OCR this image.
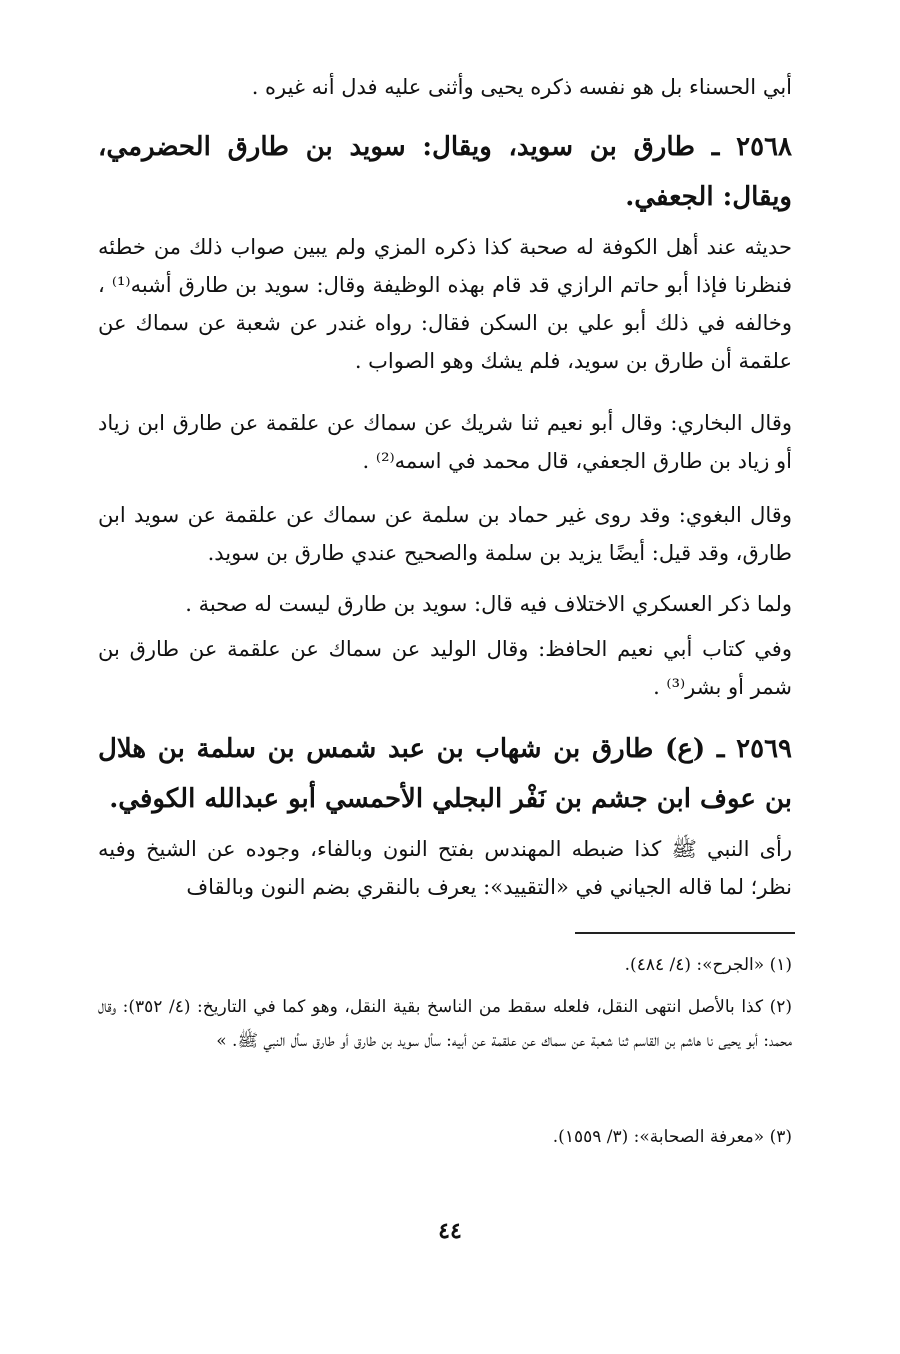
أبي الحسناء بل هو نفسه ذكره يحيى وأثنى عليه فدل أنه غيره .

٢٥٦٨ ـ طارق بن سويد، ويقال: سويد بن طارق الحضرمي، ويقال: الجعفي.

حديثه عند أهل الكوفة له صحبة كذا ذكره المزي ولم يبين صواب ذلك من خطئه فنظرنا فإذا أبو حاتم الرازي قد قام بهذه الوظيفة وقال: سويد بن طارق أشبه⁽¹⁾ ، وخالفه في ذلك أبو علي بن السكن فقال: رواه غندر عن شعبة عن سماك عن علقمة أن طارق بن سويد، فلم يشك وهو الصواب .

وقال البخاري: وقال أبو نعيم ثنا شريك عن سماك عن علقمة عن طارق ابن زياد أو زياد بن طارق الجعفي، قال محمد في اسمه⁽²⁾ .

وقال البغوي: وقد روى غير حماد بن سلمة عن سماك عن علقمة عن سويد ابن طارق، وقد قيل: أيضًا يزيد بن سلمة والصحيح عندي طارق بن سويد.

ولما ذكر العسكري الاختلاف فيه قال: سويد بن طارق ليست له صحبة .

وفي كتاب أبي نعيم الحافظ: وقال الوليد عن سماك عن علقمة عن طارق بن شمر أو بشر⁽³⁾ .

٢٥٦٩ ـ (ع) طارق بن شهاب بن عبد شمس بن سلمة بن هلال بن عوف ابن جشم بن نَفْر البجلي الأحمسي أبو عبدالله الكوفي.

رأى النبي ﷺ كذا ضبطه المهندس بفتح النون وبالفاء، وجوده عن الشيخ وفيه نظر؛ لما قاله الجياني في «التقييد»: يعرف بالنقري بضم النون وبالقاف

(١) «الجرح»: (٤/ ٤٨٤).

(٢) كذا بالأصل انتهى النقل، فلعله سقط من الناسخ بقية النقل، وهو كما في التاريخ: (٤/ ٣٥٢): وقال محمد: أبو يحيى نا هاشم بن القاسم ثنا شعبة عن سماك عن علقمة عن أبيه: سأل سويد بن طارق أو طارق سأل النبي ﷺ. »

(٣) «معرفة الصحابة»: (٣/ ١٥٥٩).

٤٤
